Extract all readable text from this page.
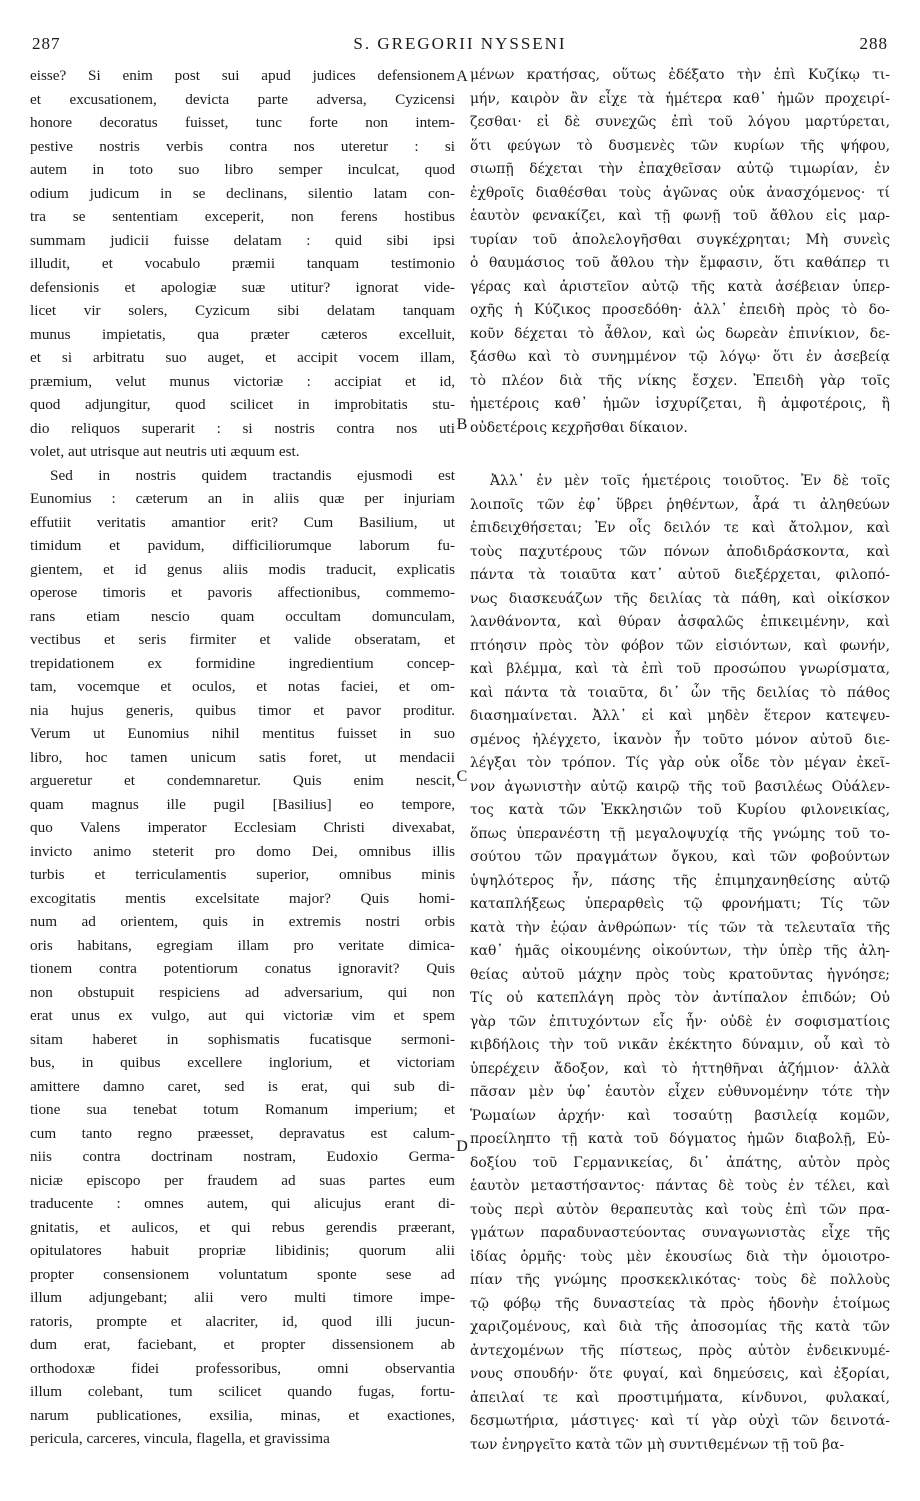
S. GREGORII NYSSENI
287	288
eisse? Si enim post sui apud judices defensionem
et excusationem, devicta parte adversa, Cyzicensi
honore decoratus fuisset, tunc forte non intem-
pestive nostris verbis contra nos uteretur : si
autem in toto suo libro semper inculcat, quod
odium judicum in se declinans, silentio latam con-
tra se sententiam exceperit, non ferens hostibus
summam judicii fuisse delatam : quid sibi ipsi
illudit, et vocabulo præmii tanquam testimonio
defensionis et apologiæ suæ utitur? ignorat vide-
licet vir solers, Cyzicum sibi delatam tanquam
munus impietatis, qua præter cæteros excelluit,
et si arbitratu suo auget, et accipit vocem illam,
præmium, velut munus victoriæ : accipiat et id,
quod adjungitur, quod scilicet in improbitatis stu-
dio reliquos superarit : si nostris contra nos uti
volet, aut utrisque aut neutris uti æquum est.
Sed in nostris quidem tractandis ejusmodi est
Eunomius : cæterum an in aliis quæ per injuriam
effutiit veritatis amantior erit? Cum Basilium, ut
timidum et pavidum, difficiliorumque laborum fu-
gientem, et id genus aliis modis traducit, explicatis
operose timoris et pavoris affectionibus, commemo-
rans etiam nescio quam occultam domunculam,
vectibus et seris firmiter et valide obseratam, et
trepidationem ex formidine ingredientium concep-
tam, vocemque et oculos, et notas faciei, et om-
nia hujus generis, quibus timor et pavor proditur.
Verum ut Eunomius nihil mentitus fuisset in suo
libro, hoc tamen unicum satis foret, ut mendacii
argueretur et condemnaretur. Quis enim nescit,
quam magnus ille pugil [Basilius] eo tempore,
quo Valens imperator Ecclesiam Christi divexabat,
invicto animo steterit pro domo Dei, omnibus illis
turbis et terriculamentis superior, omnibus minis
excogitatis mentis excelsitate major? Quis homi-
num ad orientem, quis in extremis nostri orbis
oris habitans, egregiam illam pro veritate dimica-
tionem contra potentiorum conatus ignoravit? Quis
non obstupuit respiciens ad adversarium, qui non
erat unus ex vulgo, aut qui victoriæ vim et spem
sitam haberet in sophismatis fucatisque sermoni-
bus, in quibus excellere inglorium, et victoriam
amittere damno caret, sed is erat, qui sub di-
tione sua tenebat totum Romanum imperium; et
cum tanto regno præesset, depravatus est calum-
niis contra doctrinam nostram, Eudoxio Germa-
niciæ episcopo per fraudem ad suas partes eum
traducente : omnes autem, qui alicujus erant di-
gnitatis, et aulicos, et qui rebus gerendis præerant,
opitulatores habuit propriæ libidinis; quorum alii
propter consensionem voluntatum sponte sese ad
illum adjungebant; alii vero multi timore impe-
ratoris, prompte et alacriter, id, quod illi jucun-
dum erat, faciebant, et propter dissensionem ab
orthodoxæ fidei professoribus, omni observantia
illum colebant, tum scilicet quando fugas, fortu-
narum publicationes, exsilia, minas, et exactiones,
pericula, carceres, vincula, flagella, et gravissima
μένων κρατήσας, οὕτως ἐδέξατο τὴν ἐπὶ Κυζίκῳ τι-
μήν, καιρὸν ἂν εἶχε τὰ ἡμέτερα καθ᾽ ἡμῶν προχειρί-
ζεσθαι· εἰ δὲ συνεχῶς ἐπὶ τοῦ λόγου μαρτύρεται,
ὅτι φεύγων τὸ δυσμενὲς τῶν κυρίων τῆς ψήφου,
σιωπῇ δέχεται τὴν ἐπαχθεῖσαν αὐτῷ τιμωρίαν, ἐν
ἐχθροῖς διαθέσθαι τοὺς ἀγῶνας οὐκ ἀνασχόμενος· τί
ἑαυτὸν φενακίζει, καὶ τῇ φωνῇ τοῦ ἄθλου εἰς μαρ-
τυρίαν τοῦ ἀπολελογῆσθαι συγκέχρηται; Μὴ συνεὶς
ὁ θαυμάσιος τοῦ ἄθλου τὴν ἔμφασιν, ὅτι καθάπερ τι
γέρας καὶ ἀριστεῖον αὐτῷ τῆς κατὰ ἀσέβειαν ὑπερ-
οχῆς ἡ Κύζικος προσεδόθη· ἀλλ᾽ ἐπειδὴ πρὸς τὸ δο-
κοῦν δέχεται τὸ ἆθλον, καὶ ὡς δωρεὰν ἐπινίκιον, δε-
ξάσθω καὶ τὸ συνημμένον τῷ λόγῳ· ὅτι ἐν ἀσεβείᾳ
τὸ πλέον διὰ τῆς νίκης ἔσχεν. Ἐπειδὴ γὰρ τοῖς
ἡμετέροις καθ᾽ ἡμῶν ἰσχυρίζεται, ἢ ἀμφοτέροις, ἢ
οὐδετέροις κεχρῆσθαι δίκαιον.
Ἀλλ᾽ ἐν μὲν τοῖς ἡμετέροις τοιοῦτος. Ἐν δὲ τοῖς
λοιποῖς τῶν ἐφ᾽ ὕβρει ῥηθέντων, ἆρά τι ἀληθεύων
ἐπιδειχθήσεται; Ἐν οἷς δειλόν τε καὶ ἄτολμον, καὶ
τοὺς παχυτέρους τῶν πόνων ἀποδιδράσκοντα, καὶ
πάντα τὰ τοιαῦτα κατ᾽ αὐτοῦ διεξέρχεται, φιλοπό-
νως διασκευάζων τῆς δειλίας τὰ πάθη, καὶ οἰκίσκον
λανθάνοντα, καὶ θύραν ἀσφαλῶς ἐπικειμένην, καὶ
πτόησιν πρὸς τὸν φόβον τῶν εἰσιόντων, καὶ φωνήν,
καὶ βλέμμα, καὶ τὰ ἐπὶ τοῦ προσώπου γνωρίσματα,
καὶ πάντα τὰ τοιαῦτα, δι᾽ ὧν τῆς δειλίας τὸ πάθος
διασημαίνεται. Ἀλλ᾽ εἰ καὶ μηδὲν ἕτερον κατεψευ-
σμένος ἠλέγχετο, ἱκανὸν ἦν τοῦτο μόνον αὐτοῦ διε-
λέγξαι τὸν τρόπον. Τίς γὰρ οὐκ οἶδε τὸν μέγαν ἐκεῖ-
νον ἀγωνιστὴν αὐτῷ καιρῷ τῆς τοῦ βασιλέως Οὐάλεν-
τος κατὰ τῶν Ἐκκλησιῶν τοῦ Κυρίου φιλονεικίας,
ὅπως ὑπερανέστη τῇ μεγαλοψυχίᾳ τῆς γνώμης τοῦ το-
σούτου τῶν πραγμάτων ὄγκου, καὶ τῶν φοβούντων
ὑψηλότερος ἦν, πάσης τῆς ἐπιμηχανηθείσης αὐτῷ
καταπλήξεως ὑπεραρθεὶς τῷ φρονήματι; Τίς τῶν
κατὰ τὴν ἑῴαν ἀνθρώπων· τίς τῶν τὰ τελευταῖα τῆς
καθ᾽ ἡμᾶς οἰκουμένης οἰκούντων, τὴν ὑπὲρ τῆς ἀλη-
θείας αὐτοῦ μάχην πρὸς τοὺς κρατοῦντας ἠγνόησε;
Τίς οὐ κατεπλάγη πρὸς τὸν ἀντίπαλον ἐπιδών; Οὐ
γὰρ τῶν ἐπιτυχόντων εἷς ἦν· οὐδὲ ἐν σοφισματίοις
κιβδήλοις τὴν τοῦ νικᾶν ἐκέκτητο δύναμιν, οὗ καὶ τὸ
ὑπερέχειν ἄδοξον, καὶ τὸ ἡττηθῆναι ἀζήμιον· ἀλλὰ
πᾶσαν μὲν ὑφ᾽ ἑαυτὸν εἶχεν εὐθυνομένην τότε τὴν
Ῥωμαίων ἀρχήν· καὶ τοσαύτῃ βασιλείᾳ κομῶν,
προείληπτο τῇ κατὰ τοῦ δόγματος ἡμῶν διαβολῇ, Εὐ-
δοξίου τοῦ Γερμανικείας, δι᾽ ἀπάτης, αὐτὸν πρὸς
ἑαυτὸν μεταστήσαντος· πάντας δὲ τοὺς ἐν τέλει, καὶ
τοὺς περὶ αὐτὸν θεραπευτὰς καὶ τοὺς ἐπὶ τῶν πρα-
γμάτων παραδυναστεύοντας συναγωνιστὰς εἶχε τῆς
ἰδίας ὁρμῆς· τοὺς μὲν ἑκουσίως διὰ τὴν ὁμοιοτρο-
πίαν τῆς γνώμης προσκεκλικότας· τοὺς δὲ πολλοὺς
τῷ φόβῳ τῆς δυναστείας τὰ πρὸς ἡδονὴν ἑτοίμως
χαριζομένους, καὶ διὰ τῆς ἀποσομίας τῆς κατὰ τῶν
ἀντεχομένων τῆς πίστεως, πρὸς αὐτὸν ἐνδεικνυμέ-
νους σπουδήν· ὅτε φυγαί, καὶ δημεύσεις, καὶ ἐξορίαι,
ἀπειλαί τε καὶ προστιμήματα, κίνδυνοι, φυλακαί,
δεσμωτήρια, μάστιγες· καὶ τί γὰρ οὐχὶ τῶν δεινοτά-
των ἐνηργεῖτο κατὰ τῶν μὴ συντιθεμένων τῇ τοῦ βα-
A
B
C
D
